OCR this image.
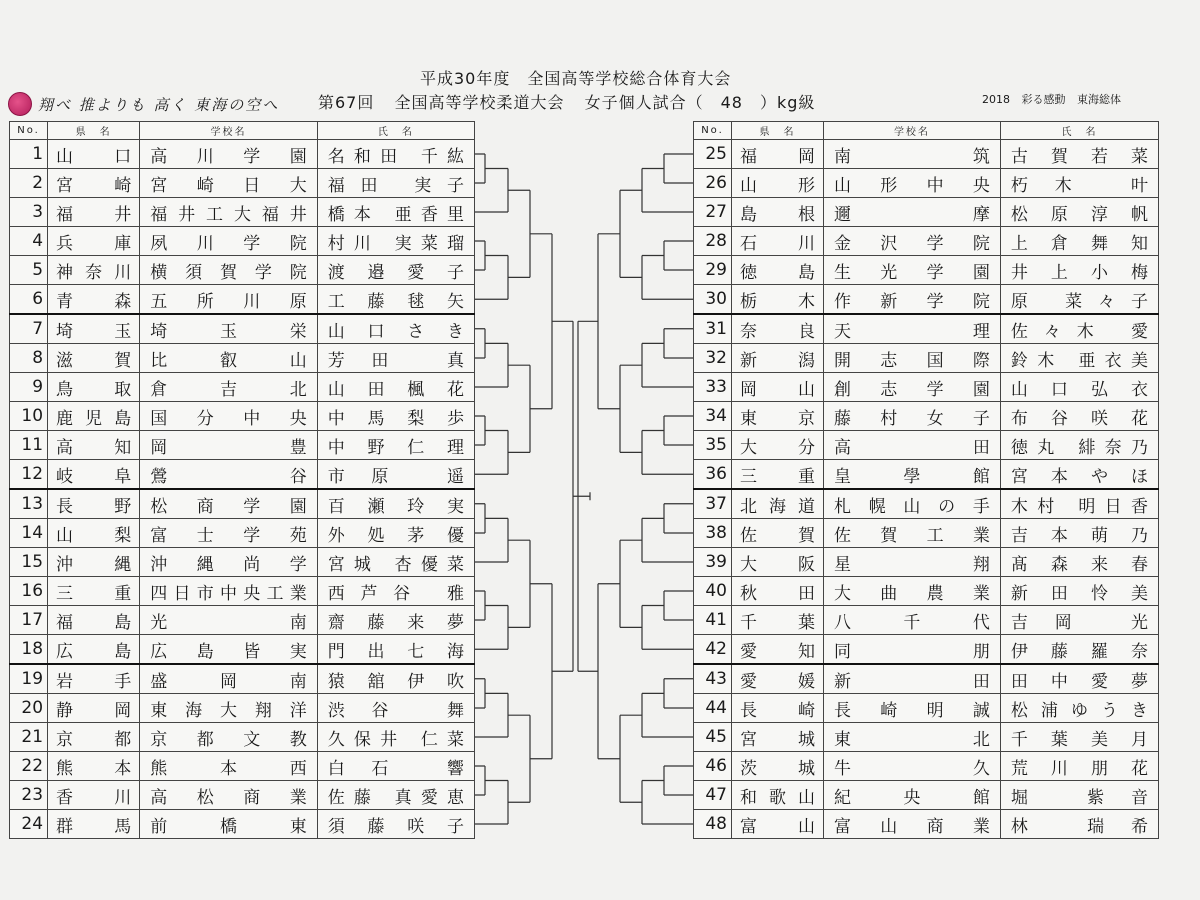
翔べ 推よりも 高く 東海の空へ
平成30年度　全国高等学校総合体育大会
第67回 全国高等学校柔道大会 女子個人試合（　48　）kg級	2018 彩る感動 東海総体
No.	県　名	学校名	氏　名
1	山口	高川学園	名和田 千紘
2	宮崎	宮崎日大	福田 実子
3	福井	福井工大福井	橋本 亜香里
4	兵庫	夙川学院	村川 実菜瑠
5	神奈川	横須賀学院	渡邉愛子
6	青森	五所川原	工藤毬矢
7	埼玉	埼玉栄	山口さき
8	滋賀	比叡山	芳田 真
9	鳥取	倉吉北	山田楓花
10	鹿児島	国分中央	中馬梨歩
11	高知	岡豊	中野仁理
12	岐阜	鶯谷	市原 遥
13	長野	松商学園	百瀬玲実
14	山梨	富士学苑	外処茅優
15	沖縄	沖縄尚学	宮城 杏優菜
16	三重	四日市中央工業	西芦谷 雅
17	福島	光南	齋藤来夢
18	広島	広島皆実	門出七海
19	岩手	盛岡南	猿舘伊吹
20	静岡	東海大翔洋	渋谷 舞
21	京都	京都文教	久保井 仁菜
22	熊本	熊本西	白石 響
23	香川	高松商業	佐藤 真愛恵
24	群馬	前橋東	須藤咲子
No.	県　名	学校名	氏　名
25	福岡	南筑	古賀若菜
26	山形	山形中央	朽木 叶
27	島根	邇摩	松原淳帆
28	石川	金沢学院	上倉舞知
29	徳島	生光学園	井上小梅
30	栃木	作新学院	原 菜々子
31	奈良	天理	佐々木 愛
32	新潟	開志国際	鈴木 亜衣美
33	岡山	創志学園	山口弘衣
34	東京	藤村女子	布谷咲花
35	大分	高田	徳丸 緋奈乃
36	三重	皇學館	宮本やほ
37	北海道	札幌山の手	木村 明日香
38	佐賀	佐賀工業	吉本萌乃
39	大阪	星翔	髙森来春
40	秋田	大曲農業	新田怜美
41	千葉	八千代	吉岡 光
42	愛知	同朋	伊藤羅奈
43	愛媛	新田	田中愛夢
44	長崎	長崎明誠	松浦ゆうき
45	宮城	東北	千葉美月
46	茨城	牛久	荒川朋花
47	和歌山	紀央館	堀 紫音
48	富山	富山商業	林 瑞希
